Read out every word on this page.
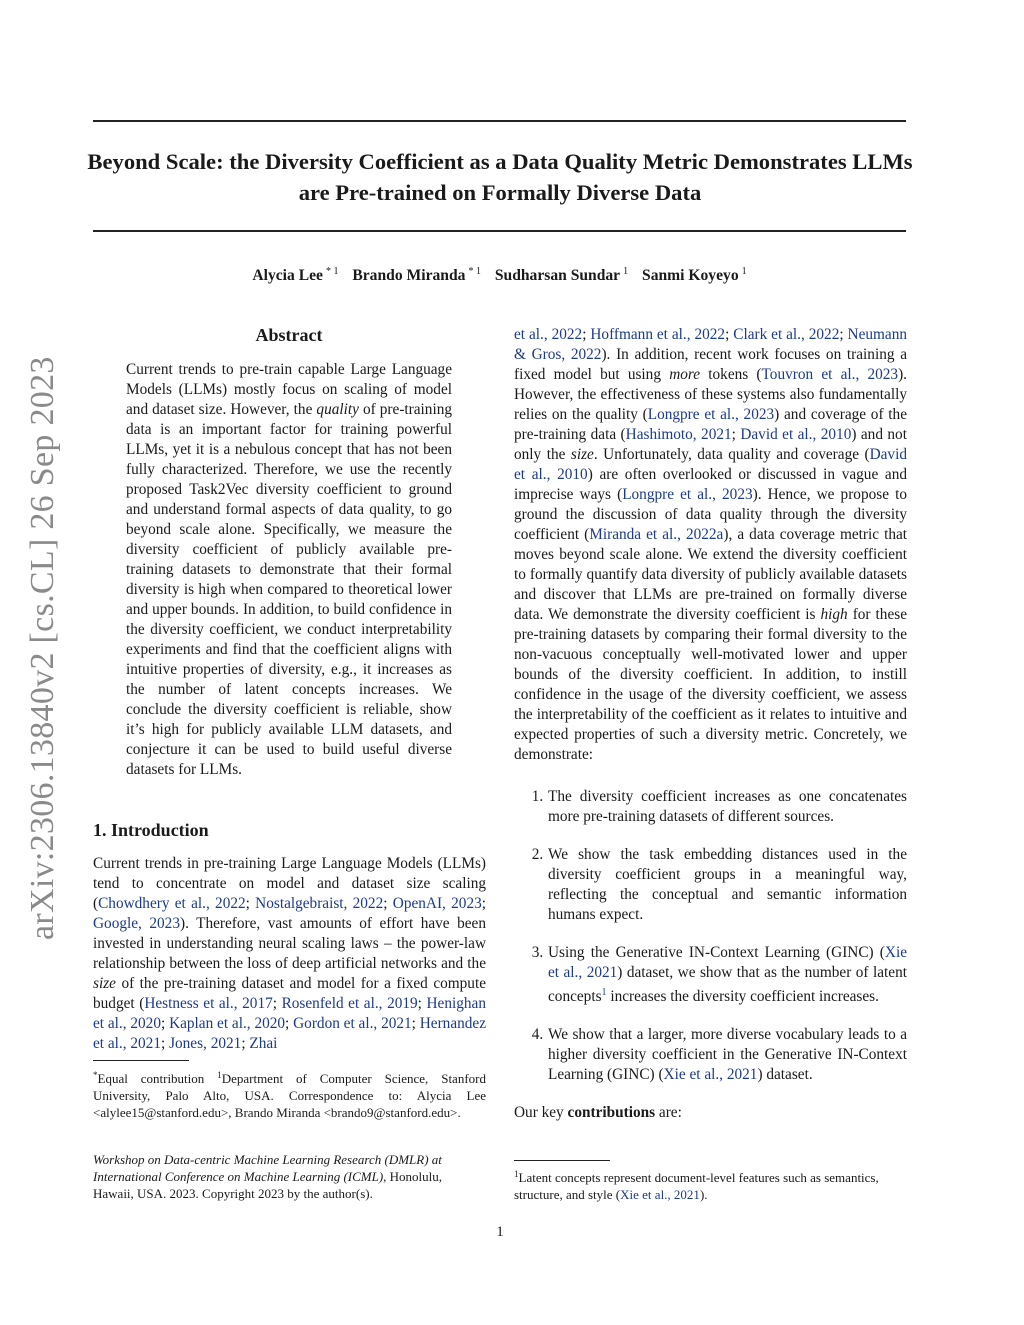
Beyond Scale: the Diversity Coefficient as a Data Quality Metric Demonstrates LLMs are Pre-trained on Formally Diverse Data
Alycia Lee $^{* 1}$ Brando Miranda $^{* 1}$ Sudharsan Sundar $^1$ Sanmi Koyeyo $^1$
arXiv:2306.13840v2 [cs.CL] 26 Sep 2023
Abstract

Current trends to pre-train capable Large Language Models (LLMs) mostly focus on scaling of model and dataset size. However, the quality of pre-training data is an important factor for training powerful LLMs, yet it is a nebulous concept that has not been fully characterized. Therefore, we use the recently proposed Task2Vec diversity coefficient to ground and understand formal aspects of data quality, to go beyond scale alone. Specifically, we measure the diversity coefficient of publicly available pre-training datasets to demonstrate that their formal diversity is high when compared to theoretical lower and upper bounds. In addition, to build confidence in the diversity coefficient, we conduct interpretability experiments and find that the coefficient aligns with intuitive properties of diversity, e.g., it increases as the number of latent concepts increases. We conclude the diversity coefficient is reliable, show it’s high for publicly available LLM datasets, and conjecture it can be used to build useful diverse datasets for LLMs.

1. Introduction

Current trends in pre-training Large Language Models (LLMs) tend to concentrate on model and dataset size scaling (Chowdhery et al., 2022; Nostalgebraist, 2022; OpenAI, 2023; Google, 2023). Therefore, vast amounts of effort have been invested in understanding neural scaling laws – the power-law relationship between the loss of deep artificial networks and the size of the pre-training dataset and model for a fixed compute budget (Hestness et al., 2017; Rosenfeld et al., 2019; Henighan et al., 2020; Kaplan et al., 2020; Gordon et al., 2021; Hernandez et al., 2021; Jones, 2021; Zhai

*Equal contribution $^1$Department of Computer Science, Stanford University, Palo Alto, USA. Correspondence to: Alycia Lee <alylee15@stanford.edu>, Brando Miranda <brando9@stanford.edu>.
Workshop on Data-centric Machine Learning Research (DMLR) at International Conference on Machine Learning (ICML), Honolulu, Hawaii, USA. 2023. Copyright 2023 by the author(s).

et al., 2022; Hoffmann et al., 2022; Clark et al., 2022; Neumann & Gros, 2022). In addition, recent work focuses on training a fixed model but using more tokens (Touvron et al., 2023). However, the effectiveness of these systems also fundamentally relies on the quality (Longpre et al., 2023) and coverage of the pre-training data (Hashimoto, 2021; David et al., 2010) and not only the size. Unfortunately, data quality and coverage (David et al., 2010) are often overlooked or discussed in vague and imprecise ways (Longpre et al., 2023). Hence, we propose to ground the discussion of data quality through the diversity coefficient (Miranda et al., 2022a), a data coverage metric that moves beyond scale alone. We extend the diversity coefficient to formally quantify data diversity of publicly available datasets and discover that LLMs are pre-trained on formally diverse data. We demonstrate the diversity coefficient is high for these pre-training datasets by comparing their formal diversity to the non-vacuous conceptually well-motivated lower and upper bounds of the diversity coefficient. In addition, to instill confidence in the usage of the diversity coefficient, we assess the interpretability of the coefficient as it relates to intuitive and expected properties of such a diversity metric. Concretely, we demonstrate:

1. The diversity coefficient increases as one concatenates more pre-training datasets of different sources.
2. We show the task embedding distances used in the diversity coefficient groups in a meaningful way, reflecting the conceptual and semantic information humans expect.
3. Using the Generative IN-Context Learning (GINC) (Xie et al., 2021) dataset, we show that as the number of latent concepts$^1$ increases the diversity coefficient increases.
4. We show that a larger, more diverse vocabulary leads to a higher diversity coefficient in the Generative IN-Context Learning (GINC) (Xie et al., 2021) dataset.

Our key contributions are:

$^1$Latent concepts represent document-level features such as semantics, structure, and style (Xie et al., 2021).
1
